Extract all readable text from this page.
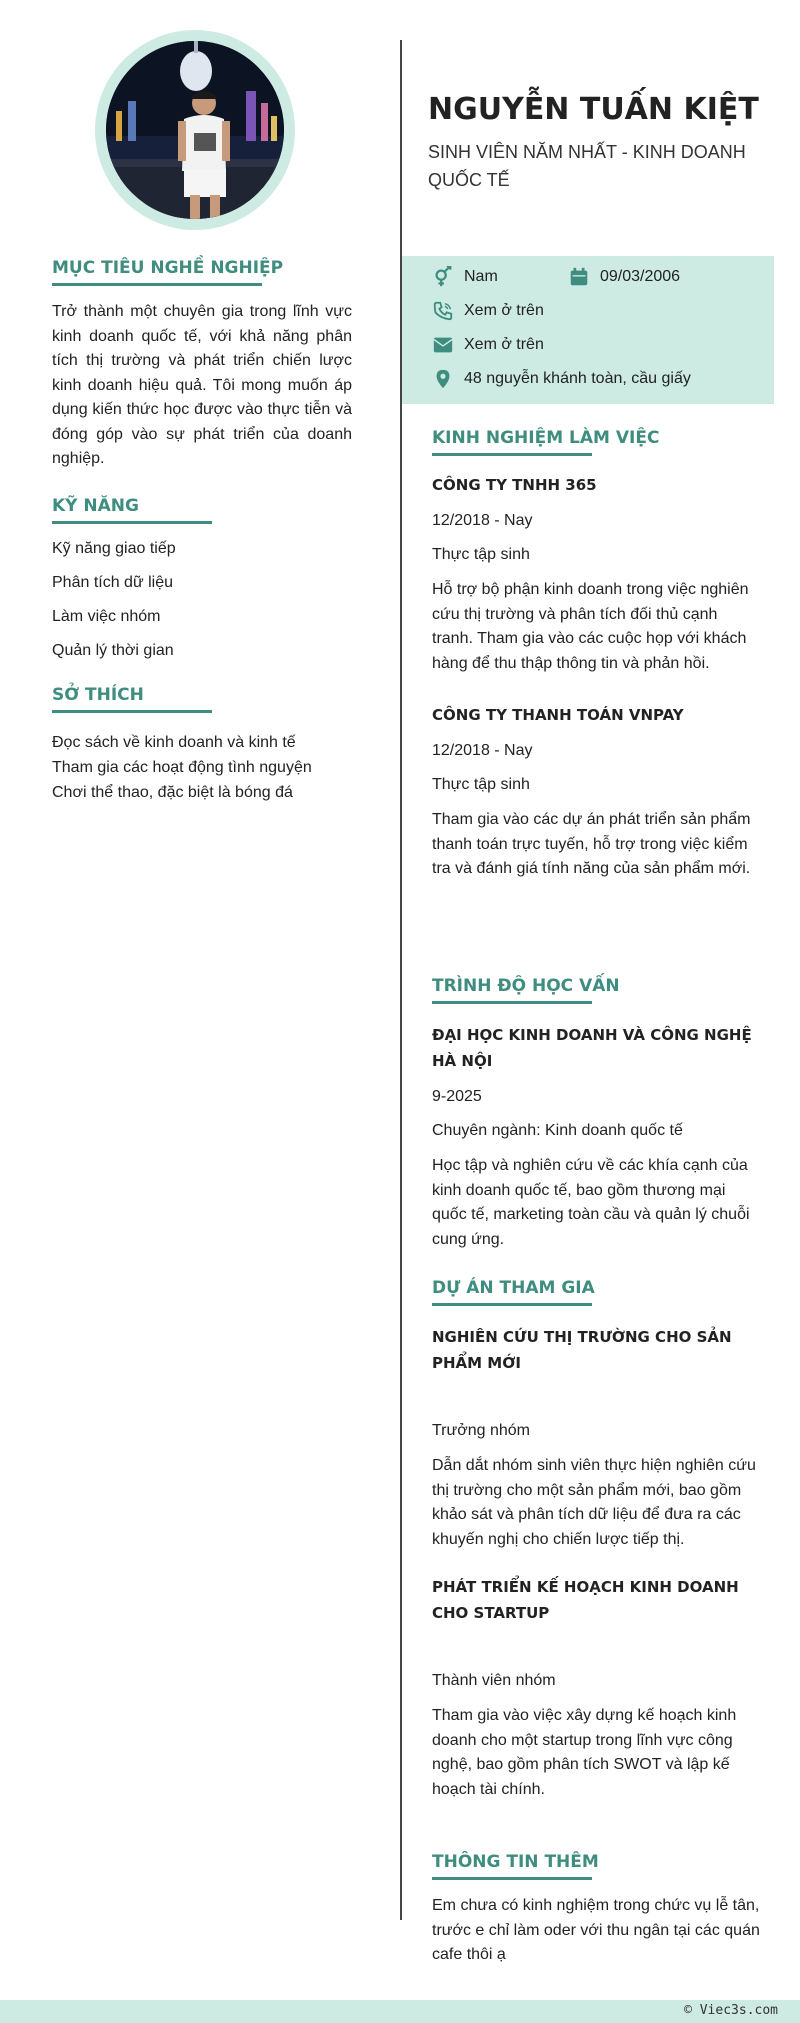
MỤC TIÊU NGHỀ NGHIỆP

Trở thành một chuyên gia trong lĩnh vực kinh doanh quốc tế, với khả năng phân tích thị trường và phát triển chiến lược kinh doanh hiệu quả. Tôi mong muốn áp dụng kiến thức học được vào thực tiễn và đóng góp vào sự phát triển của doanh nghiệp.

KỸ NĂNG
Kỹ năng giao tiếp
Phân tích dữ liệu
Làm việc nhóm
Quản lý thời gian
SỞ THÍCH
Đọc sách về kinh doanh và kinh tế
Tham gia các hoạt động tình nguyện
Chơi thể thao, đặc biệt là bóng đá
NGUYỄN TUẤN KIỆT
SINH VIÊN NĂM NHẤT - KINH DOANH QUỐC TẾ
Nam	09/03/2006
Xem ở trên
Xem ở trên
48 nguyễn khánh toàn, cầu giấy
KINH NGHIỆM LÀM VIỆC
CÔNG TY TNHH 365
12/2018 - Nay
Thực tập sinh
Hỗ trợ bộ phận kinh doanh trong việc nghiên cứu thị trường và phân tích đối thủ cạnh tranh. Tham gia vào các cuộc họp với khách hàng để thu thập thông tin và phản hồi.
CÔNG TY THANH TOÁN VNPAY
12/2018 - Nay
Thực tập sinh
Tham gia vào các dự án phát triển sản phẩm thanh toán trực tuyến, hỗ trợ trong việc kiểm tra và đánh giá tính năng của sản phẩm mới.
TRÌNH ĐỘ HỌC VẤN
ĐẠI HỌC KINH DOANH VÀ CÔNG NGHỆ HÀ NỘI
9-2025
Chuyên ngành: Kinh doanh quốc tế
Học tập và nghiên cứu về các khía cạnh của kinh doanh quốc tế, bao gồm thương mại quốc tế, marketing toàn cầu và quản lý chuỗi cung ứng.
DỰ ÁN THAM GIA
NGHIÊN CỨU THỊ TRƯỜNG CHO SẢN PHẨM MỚI
Trưởng nhóm
Dẫn dắt nhóm sinh viên thực hiện nghiên cứu thị trường cho một sản phẩm mới, bao gồm khảo sát và phân tích dữ liệu để đưa ra các khuyến nghị cho chiến lược tiếp thị.
PHÁT TRIỂN KẾ HOẠCH KINH DOANH CHO STARTUP
Thành viên nhóm
Tham gia vào việc xây dựng kế hoạch kinh doanh cho một startup trong lĩnh vực công nghệ, bao gồm phân tích SWOT và lập kế hoạch tài chính.
THÔNG TIN THÊM
Em chưa có kinh nghiệm trong chức vụ lễ tân, trước e chỉ làm oder với thu ngân tại các quán cafe thôi ạ
© Viec3s.com
